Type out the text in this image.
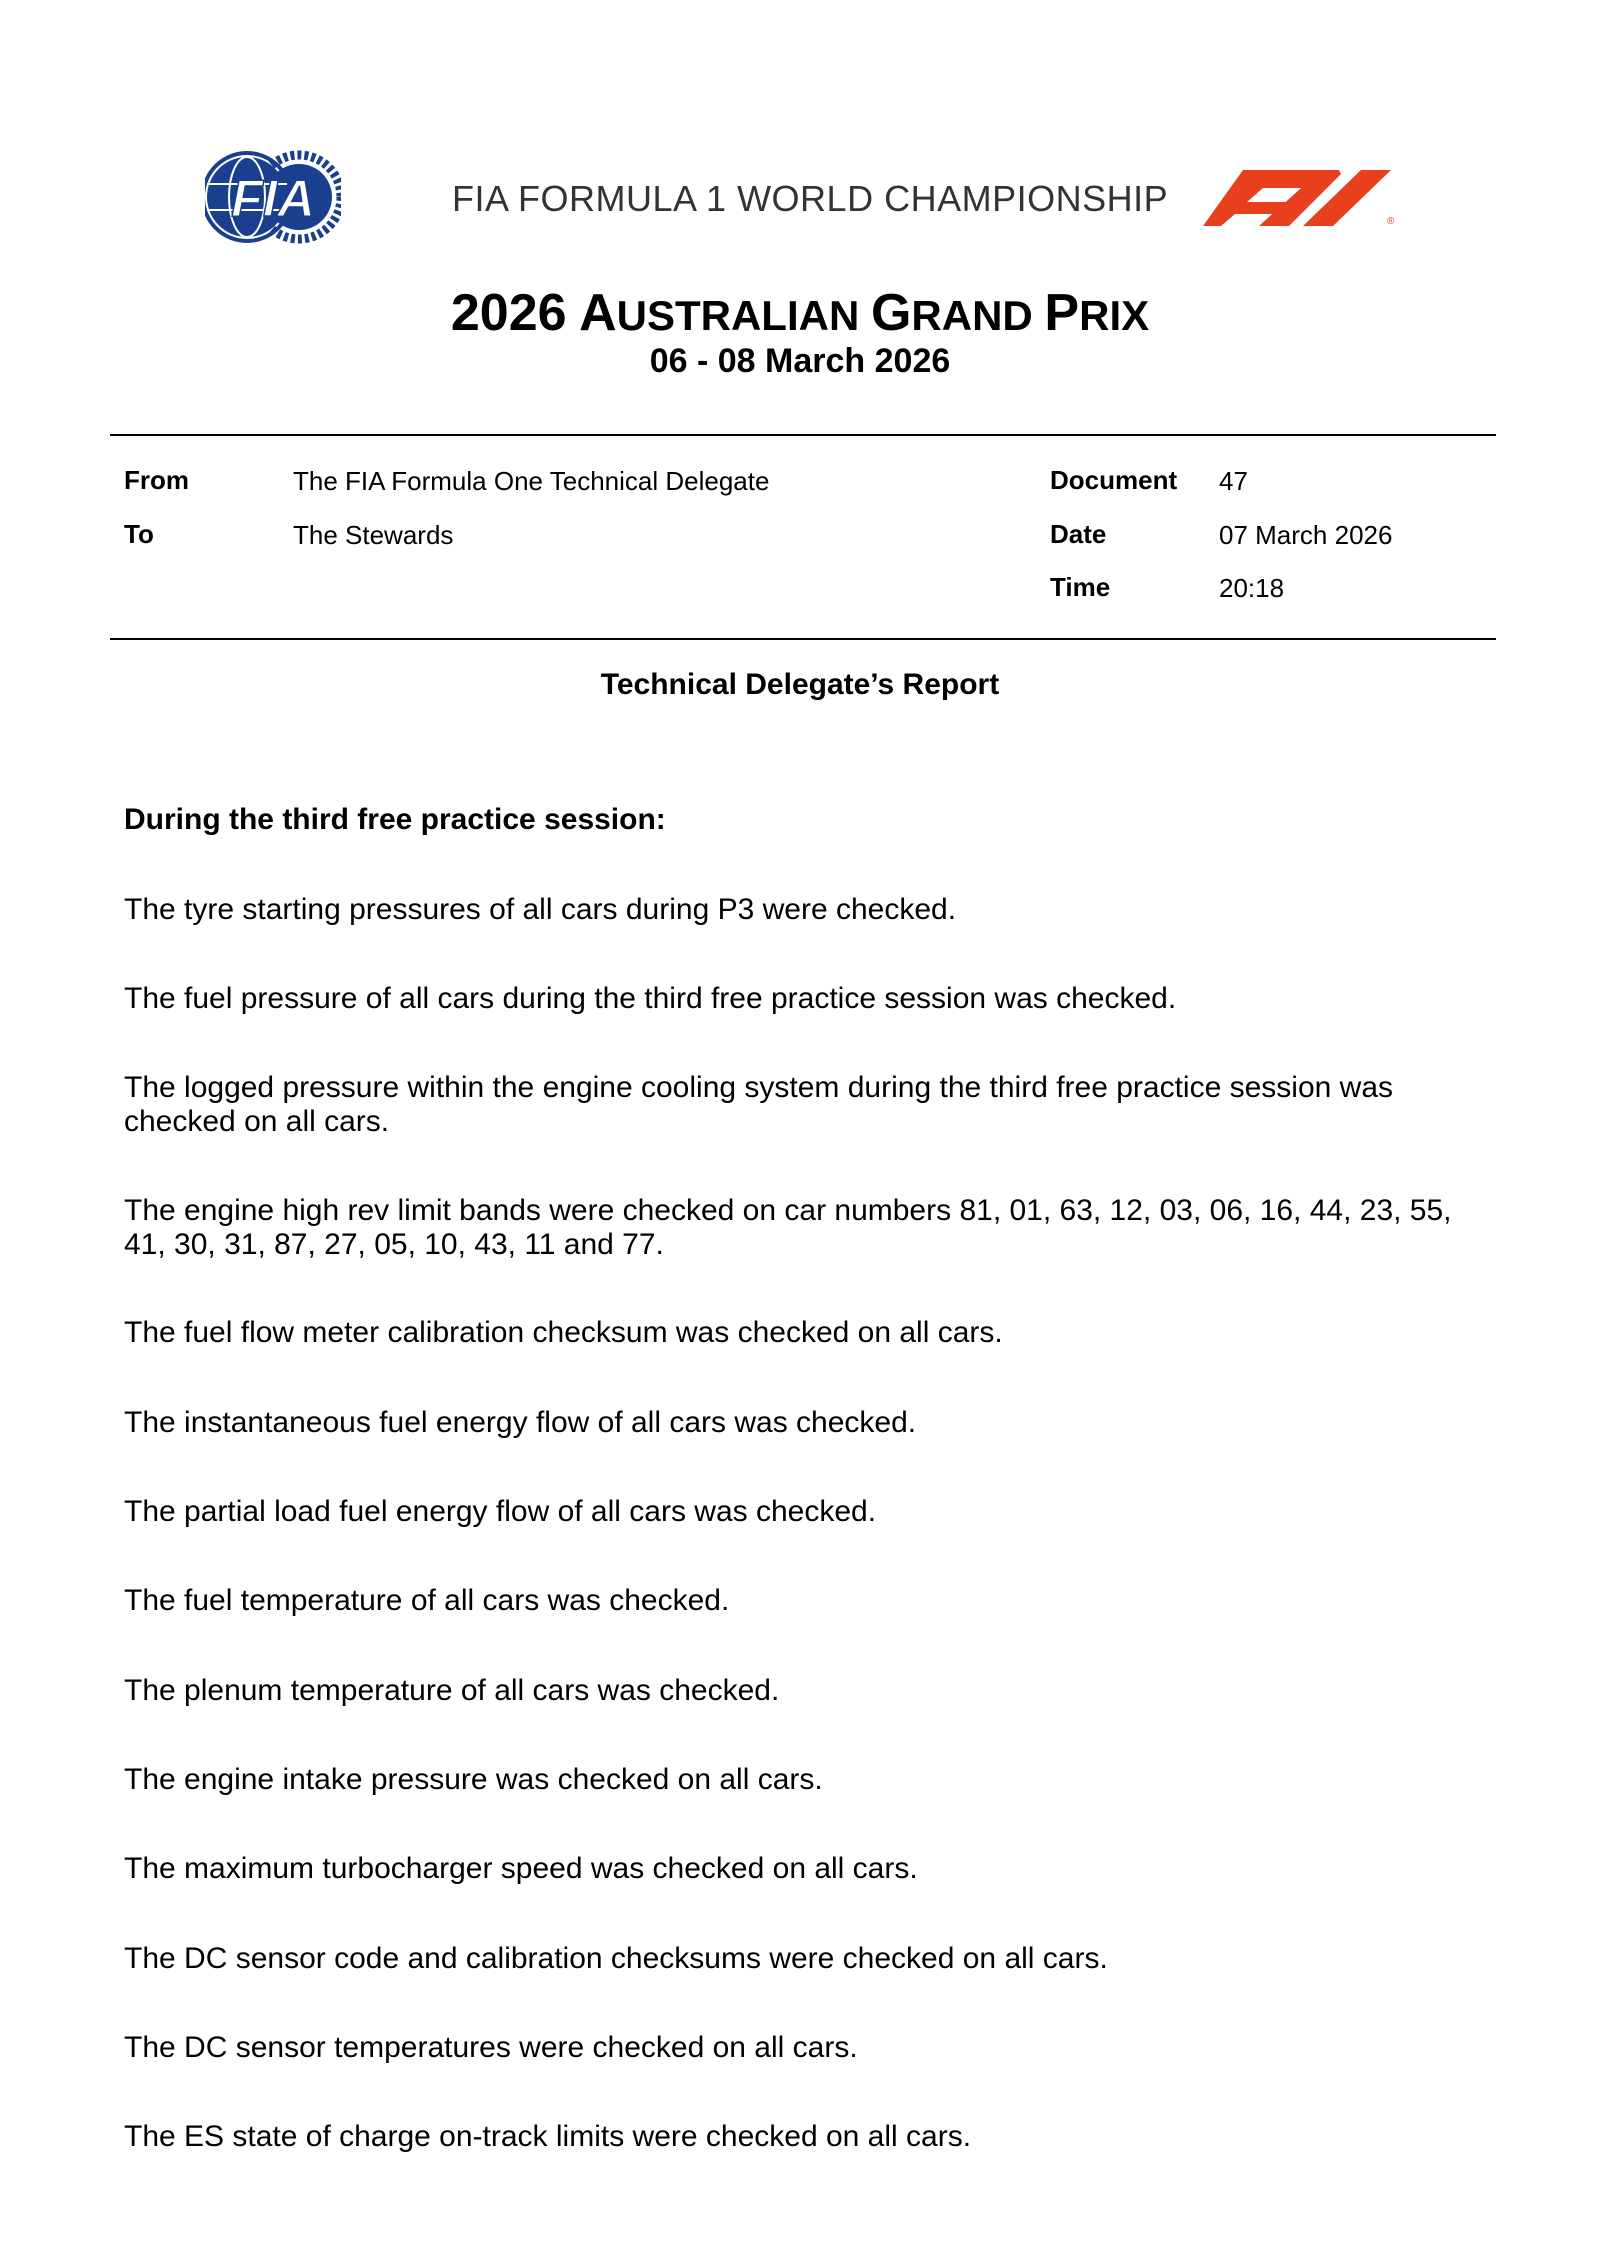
FIA	FIA FORMULA 1 WORLD CHAMPIONSHIP
®
2026 AUSTRALIAN GRAND PRIX
06 - 08 March 2026
From	The FIA Formula One Technical Delegate
To	The Stewards
Document 47
Date	07 March 2026
Time	20:18
Technical Delegate’s Report
During the third free practice session:
The tyre starting pressures of all cars during P3 were checked.
The fuel pressure of all cars during the third free practice session was checked.
The logged pressure within the engine cooling system during the third free practice session was checked on all cars.
The engine high rev limit bands were checked on car numbers 81, 01, 63, 12, 03, 06, 16, 44, 23, 55, 41, 30, 31, 87, 27, 05, 10, 43, 11 and 77.
The fuel flow meter calibration checksum was checked on all cars.
The instantaneous fuel energy flow of all cars was checked.
The partial load fuel energy flow of all cars was checked.
The fuel temperature of all cars was checked.
The plenum temperature of all cars was checked.
The engine intake pressure was checked on all cars.
The maximum turbocharger speed was checked on all cars.
The DC sensor code and calibration checksums were checked on all cars.
The DC sensor temperatures were checked on all cars.
The ES state of charge on-track limits were checked on all cars.
